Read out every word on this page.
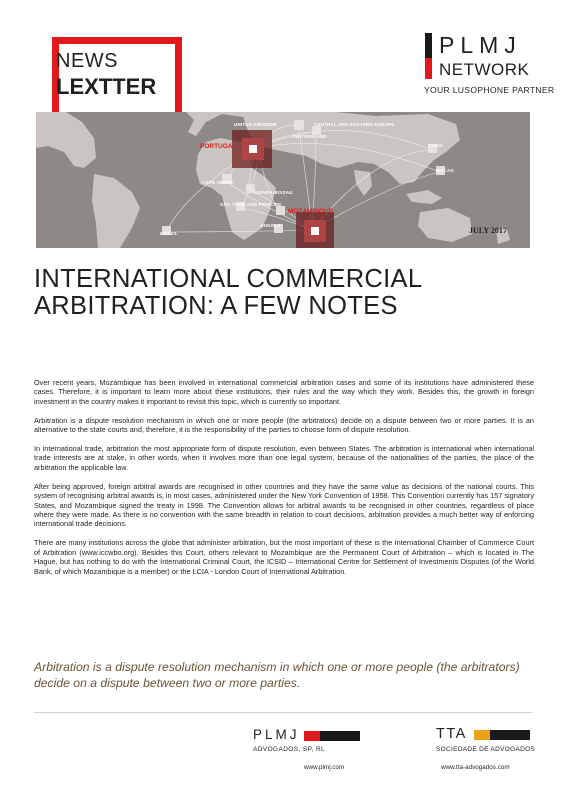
NEWS
LEXTTER
PLMJ
NETWORK
YOUR LUSOPHONE PARTNER
UNITED KINGDOM	CENTRAL AND EASTERN EUROPE
SWITZERLAND
PORTUGAL	CHINA
MACAO
CAPE VERDE
GUINEA-BISSAU
SÃO TOMÉ AND PRÍNCIPE
MOZAMBIQUE
ANGOLA
BRAZIL	JULY 2017
INTERNATIONAL COMMERCIAL
ARBITRATION: A FEW NOTES

Over recent years, Mozambique has been involved in international commercial arbitration cases and some of its institutions have administered these cases. Therefore, it is important to learn more about these institutions, their rules and the way which they work. Besides this, the growth in foreign investment in the country makes it important to revisit this topic, which is currently so important.

Arbitration is a dispute resolution mechanism in which one or more people (the arbitrators) decide on a dispute between two or more parties. It is an alternative to the state courts and, therefore, it is the responsibility of the parties to choose form of dispute resolution.

In international trade, arbitration the most appropriate form of dispute resolution, even between States. The arbitration is international when international trade interests are at stake, in other words, when it involves more than one legal system, because of the nationalities of the parties, the place of the arbitration the applicable law.

After being approved, foreign arbitral awards are recognised in other countries and they have the same value as decisions of the national courts. This system of recognising arbitral awards is, in most cases, administered under the New York Convention of 1958. This Convention currently has 157 signatory States, and Mozambique signed the treaty in 1998. The Convention allows for arbitral awards to be recognised in other countries, regardless of place where they were made. As there is no convention with the same breadth in relation to court decisions, arbitration provides a much better way of enforcing international trade decisions.

There are many institutions across the globe that administer arbitration, but the most important of these is the International Chamber of Commerce Court of Arbitration (www.iccwbo.org). Besides this Court, others relevant to Mozambique are the Permanent Court of Arbitration – which is located in The Hague, but has nothing to do with the International Criminal Court, the ICSID – International Centre for Settlement of Investments Disputes (of the World Bank, of which Mozambique is a member) or the LCIA - London Court of International Arbitration.

Arbitration is a dispute resolution mechanism in which one or more people (the arbitrators) decide on a dispute between two or more parties.
PLMJ
ADVOGADOS, SP, RL
www.plmj.com
TTA
SOCIEDADE DE ADVOGADOS
www.tta-advogados.com
